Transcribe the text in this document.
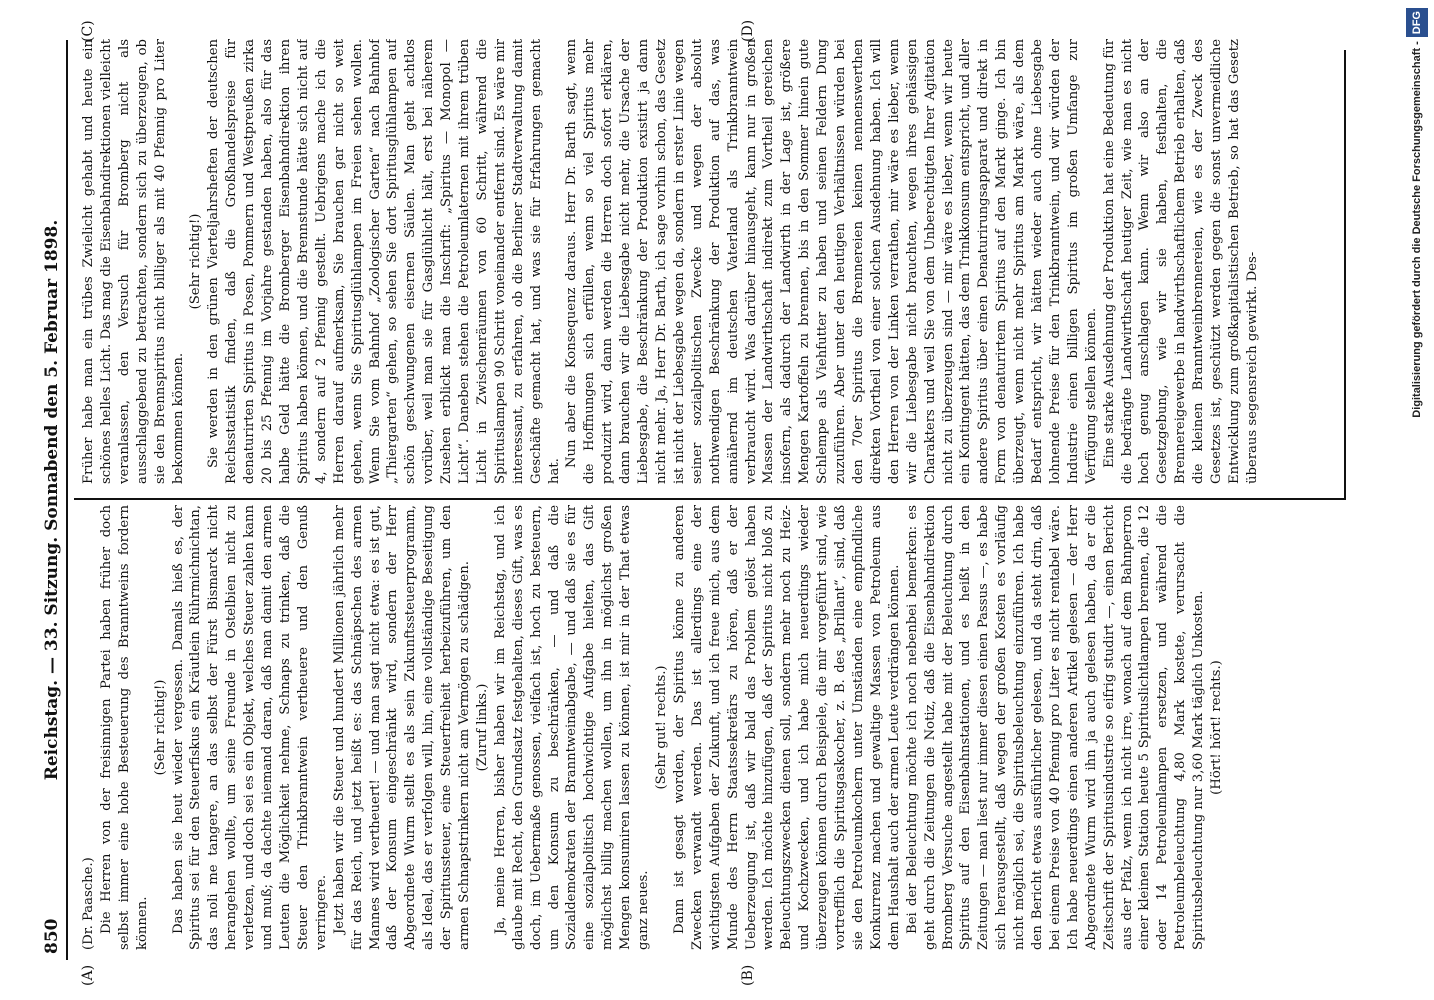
850
Reichstag. — 33. Sitzung. Sonnabend den 5. Februar 1898.
(A)	(B)
(C)	(D)

(Dr. Paasche.) Die Herren von der freisinnigen Partei haben früher doch selbst immer eine hohe Besteuerung des Branntweins fordern können.

(Sehr richtig!) Das haben sie heut wieder vergessen. Damals hieß es, der Spiritus sei für den Steuerfiskus ein Kräutlein Rührmichnichtan, das noli me tangere, an das selbst der Fürst Bismarck nicht herangehen wollte, um seine Freunde in Ostelbien nicht zu verletzen, und doch sei es ein Objekt, welches Steuer zahlen kann und muß; da dachte niemand daran, daß man damit den armen Leuten die Möglichkeit nehme, Schnaps zu trinken, daß die Steuer den Trinkbranntwein vertheuere und den Genuß verringere. Jetzt haben wir die Steuer und hundert Millionen jährlich mehr für das Reich, und jetzt heißt es: das Schnäpschen des armen Mannes wird vertheuert! — und man sagt nicht etwa: es ist gut, daß der Konsum eingeschränkt wird, sondern der Herr Abgeordnete Wurm stellt es als sein Zukunftssteuerprogramm, als Ideal, das er verfolgen will, hin, eine vollständige Beseitigung der Spiritussteuer, eine Steuerfreiheit herbeizuführen, um den armen Schnapstrinkern nicht am Vermögen zu schädigen. (Zuruf links.) Ja, meine Herren, bisher haben wir im Reichstag, und ich glaube mit Recht, den Grundsatz festgehalten, dieses Gift, was es doch, im Uebermaße genossen, vielfach ist, hoch zu besteuern, um den Konsum zu beschränken, — und daß die Sozialdemokraten der Branntweinabgabe, — und daß sie es für eine sozialpolitisch hochwichtige Aufgabe hielten, das Gift möglichst billig machen wollen, um ihn in möglichst großen Mengen konsumiren lassen zu können, ist mir in der That etwas ganz neues.

(Sehr gut! rechts.) Dann ist gesagt worden, der Spiritus könne zu anderen Zwecken verwandt werden. Das ist allerdings eine der wichtigsten Aufgaben der Zukunft, und ich freue mich, aus dem Munde des Herrn Staatssekretärs zu hören, daß er der Ueberzeugung ist, daß wir bald das Problem gelöst haben werden. Ich möchte hinzufügen, daß der Spiritus nicht bloß zu Beleuchtungszwecken dienen soll, sondern mehr noch zu Heiz- und Kochzwecken, und ich habe mich neuerdings wieder überzeugen können durch Beispiele, die mir vorgeführt sind, wie vortrefflich die Spiritusgaskocher, z. B. des „Brillant“, sind, daß sie den Petroleumkochern unter Umständen eine empfindliche Konkurrenz machen und gewaltige Massen von Petroleum aus dem Haushalt auch der armen Leute verdrängen können. Bei der Beleuchtung möchte ich noch nebenbei bemerken: es geht durch die Zeitungen die Notiz, daß die Eisenbahndirektion Bromberg Versuche angestellt habe mit der Beleuchtung durch Spiritus auf den Eisenbahnstationen, und es heißt in den Zeitungen — man liest nur immer diesen einen Passus —, es habe sich herausgestellt, daß wegen der großen Kosten es vorläufig nicht möglich sei, die Spiritusbeleuchtung einzuführen. Ich habe den Bericht etwas ausführlicher gelesen, und da steht drin, daß bei einem Preise von 40 Pfennig pro Liter es nicht rentabel wäre. Ich habe neuerdings einen anderen Artikel gelesen — der Herr Abgeordnete Wurm wird ihn ja auch gelesen haben, da er die Zeitschrift der Spiritusindustrie so eifrig studirt —, einen Bericht aus der Pfalz, wenn ich nicht irre, wonach auf dem Bahnperron einer kleinen Station heute 5 Spirituslichtlampen brennen, die 12 oder 14 Petroleumlampen ersetzen, und während die Petroleumbeleuchtung 4,80 Mark kostete, verursacht die Spiritusbeleuchtung nur 3,60 Mark täglich Unkosten. (Hört! hört! rechts.)

Früher habe man ein trübes Zwielicht gehabt und heute ein schönes helles Licht. Das mag die Eisenbahndirektionen vielleicht veranlassen, den Versuch für Bromberg nicht als ausschlaggebend zu betrachten, sondern sich zu überzeugen, ob sie den Brennspiritus nicht billiger als mit 40 Pfennig pro Liter bekommen können.

(Sehr richtig!) Sie werden in den grünen Vierteljahrsheften der deutschen Reichsstatistik finden, daß die Großhandelspreise für denaturirten Spiritus in Posen, Pommern und Westpreußen zirka 20 bis 25 Pfennig im Vorjahre gestanden haben, also für das halbe Geld hätte die Bromberger Eisenbahndirektion ihren Spiritus haben können, und die Brennstunde hätte sich nicht auf 4, sondern auf 2 Pfennig gestellt. Uebrigens mache ich die Herren darauf aufmerksam, Sie brauchen gar nicht so weit gehen, wenn Sie Spiritusglühlampen im Freien sehen wollen. Wenn Sie vom Bahnhof „Zoologischer Garten“ nach Bahnhof „Thiergarten“ gehen, so sehen Sie dort Spiritusglühlampen auf schön geschwungenen eisernen Säulen. Man geht achtlos vorüber, weil man sie für Gasglühlicht hält, erst bei näherem Zusehen erblickt man die Inschrift: „Spiritus — Monopol — Licht“. Daneben stehen die Petroleumlaternen mit ihrem trüben Licht in Zwischenräumen von 60 Schritt, während die Spirituslampen 90 Schritt voneinander entfernt sind. Es wäre mir interessant, zu erfahren, ob die Berliner Stadtverwaltung damit Geschäfte gemacht hat, und was sie für Erfahrungen gemacht hat.

Nun aber die Konsequenz daraus. Herr Dr. Barth sagt, wenn die Hoffnungen sich erfüllen, wenn so viel Spiritus mehr produzirt wird, dann werden die Herren doch sofort erklären, dann brauchen wir die Liebesgabe nicht mehr, die Ursache der Liebesgabe, die Beschränkung der Produktion existirt ja dann nicht mehr. Ja, Herr Dr. Barth, ich sage vorhin schon, das Gesetz ist nicht der Liebesgabe wegen da, sondern in erster Linie wegen seiner sozialpolitischen Zwecke und wegen der absolut nothwendigen Beschränkung der Produktion auf das, was annähernd im deutschen Vaterland als Trinkbranntwein verbraucht wird. Was darüber hinausgeht, kann nur in großen Massen der Landwirthschaft indirekt zum Vortheil gereichen insofern, als dadurch der Landwirth in der Lage ist, größere Mengen Kartoffeln zu brennen, bis in den Sommer hinein gute Schlempe als Viehfutter zu haben und seinen Feldern Dung zuzuführen. Aber unter den heutigen Verhältnissen würden bei den 70er Spiritus die Brennereien keinen nennenswerthen direkten Vortheil von einer solchen Ausdehnung haben. Ich will den Herren von der Linken verrathen, mir wäre es lieber, wenn wir die Liebesgabe nicht brauchten, wegen ihres gehässigen Charakters und weil Sie von dem Unberechtigten Ihrer Agitation nicht zu überzeugen sind — mir wäre es lieber, wenn wir heute ein Kontingent hätten, das dem Trinkkonsum entspricht, und aller andere Spiritus über einen Denaturirungsapparat und direkt in Form von denaturirtem Spiritus auf den Markt ginge. Ich bin überzeugt, wenn nicht mehr Spiritus am Markt wäre, als dem Bedarf entspricht, wir hätten wieder auch ohne Liebesgabe lohnende Preise für den Trinkbranntwein, und wir würden der Industrie einen billigen Spiritus im großen Umfange zur Verfügung stellen können. Eine starke Ausdehnung der Produktion hat eine Bedeutung für die bedrängte Landwirthschaft heutiger Zeit, wie man es nicht hoch genug anschlagen kann. Wenn wir also an der Gesetzgebung, wie wir sie haben, festhalten, die Brennereigewerbe in landwirthschaftlichem Betrieb erhalten, daß die kleinen Branntweinbrennereien, wie es der Zweck des Gesetzes ist, geschützt werden gegen die sonst unvermeidliche Entwicklung zum großkapitalistischen Betrieb, so hat das Gesetz überaus segensreich gewirkt. Des-	Digitalisierung gefördert durch die Deutsche Forschungsgemeinschaft -DFG
